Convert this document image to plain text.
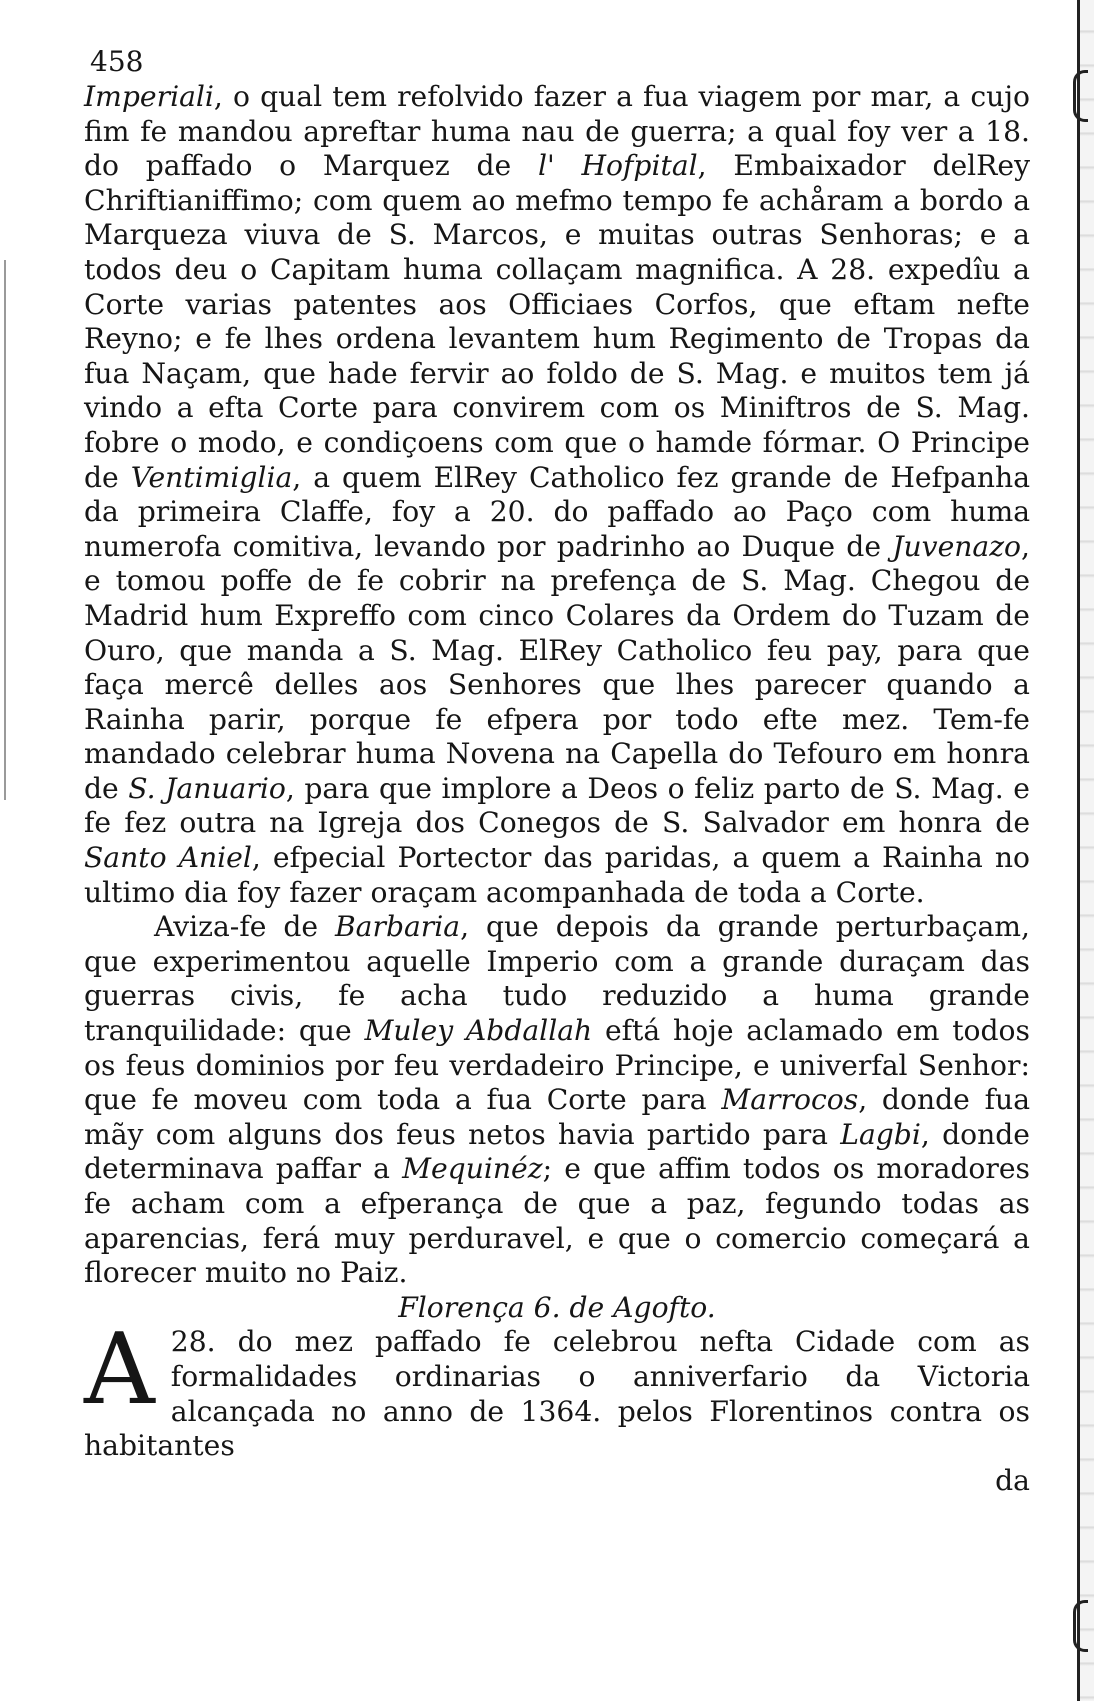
458

Imperiali, o qual tem refolvido fazer a fua viagem por mar, a cujo fim fe mandou apreftar huma nau de guerra; a qual foy ver a 18. do paffado o Marquez de l' Hofpital, Embaixador delRey Chriftianiffimo; com quem ao mefmo tempo fe achåram a bordo a Marqueza viuva de S. Marcos, e muitas outras Senhoras; e a todos deu o Capitam huma collaçam magnifica. A 28. expedîu a Corte varias patentes aos Officiaes Corfos, que eftam nefte Reyno; e fe lhes ordena levantem hum Regimento de Tropas da fua Naçam, que hade fervir ao foldo de S. Mag. e muitos tem já vindo a efta Corte para convirem com os Miniftros de S. Mag. fobre o modo, e condiçoens com que o hamde fórmar. O Principe de Ventimiglia, a quem ElRey Catholico fez grande de Hefpanha da primeira Claffe, foy a 20. do paffado ao Paço com huma numerofa comitiva, levando por padrinho ao Duque de Juvenazo, e tomou poffe de fe cobrir na prefença de S. Mag. Chegou de Madrid hum Expreffo com cinco Colares da Ordem do Tuzam de Ouro, que manda a S. Mag. ElRey Catholico feu pay, para que faça mercê delles aos Senhores que lhes parecer quando a Rainha parir, porque fe efpera por todo efte mez. Tem-fe mandado celebrar huma Novena na Capella do Tefouro em honra de S. Januario, para que implore a Deos o feliz parto de S. Mag. e fe fez outra na Igreja dos Conegos de S. Salvador em honra de Santo Aniel, efpecial Portector das paridas, a quem a Rainha no ultimo dia foy fazer oraçam acompanhada de toda a Corte.

Aviza-fe de Barbaria, que depois da grande perturbaçam, que experimentou aquelle Imperio com a grande duraçam das guerras civis, fe acha tudo reduzido a huma grande tranquilidade: que Muley Abdallah eftá hoje aclamado em todos os feus dominios por feu verdadeiro Principe, e univerfal Senhor: que fe moveu com toda a fua Corte para Marrocos, donde fua mãy com alguns dos feus netos havia partido para Lagbi, donde determinava paffar a Mequinéz; e que affim todos os moradores fe acham com a efperança de que a paz, fegundo todas as aparencias, ferá muy perduravel, e que o comercio começará a florecer muito no Paiz.

Florença 6. de Agofto.

A 28. do mez paffado fe celebrou nefta Cidade com as formalidades ordinarias o anniverfario da Victoria alcançada no anno de 1364. pelos Florentinos contra os habitantes

da
